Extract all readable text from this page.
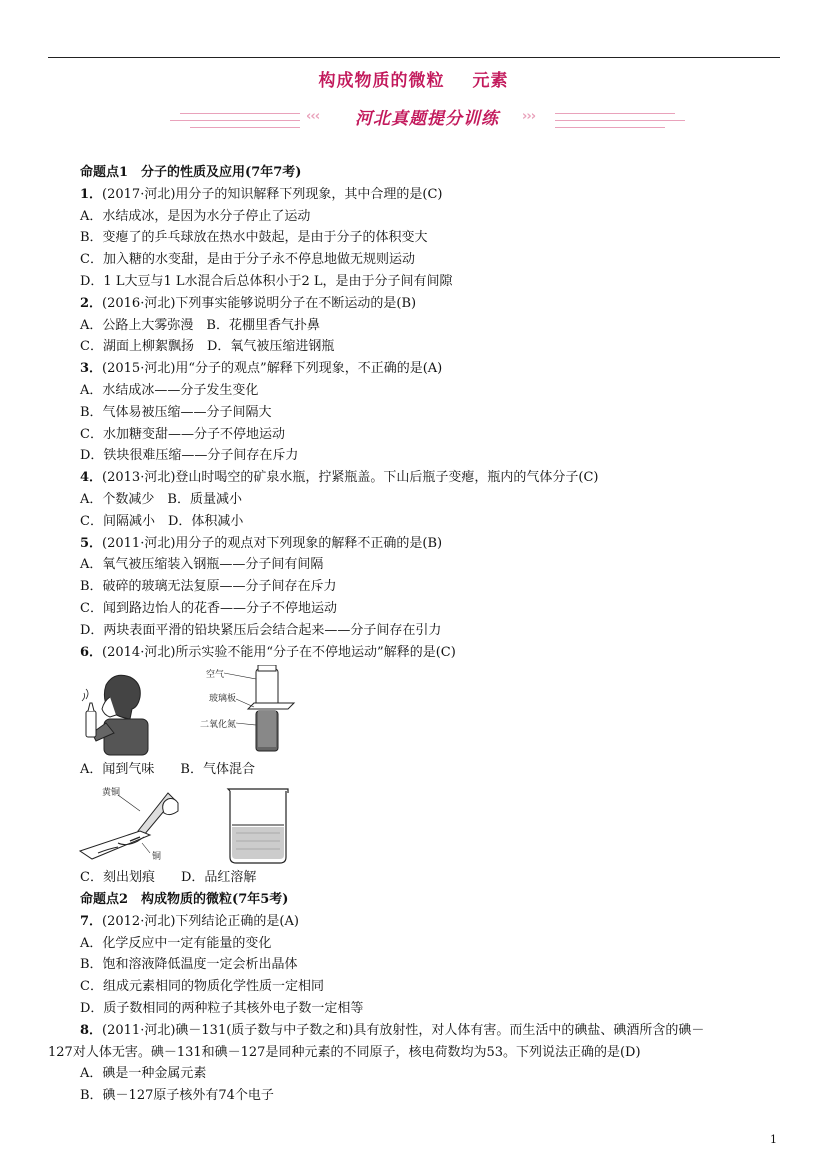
构成物质的微粒 元素
‹‹‹	河北真题提分训练	›››
命题点1　分子的性质及应用(7年7考)
1．(2017·河北)用分子的知识解释下列现象，其中合理的是(C)
A．水结成冰，是因为水分子停止了运动
B．变瘪了的乒乓球放在热水中鼓起，是由于分子的体积变大
C．加入糖的水变甜，是由于分子永不停息地做无规则运动
D．1 L大豆与1 L水混合后总体积小于2 L，是由于分子间有间隙
2．(2016·河北)下列事实能够说明分子在不断运动的是(B)
A．公路上大雾弥漫　B．花棚里香气扑鼻
C．湖面上柳絮飘扬　D．氧气被压缩进钢瓶
3．(2015·河北)用“分子的观点”解释下列现象，不正确的是(A)
A．水结成冰——分子发生变化
B．气体易被压缩——分子间隔大
C．水加糖变甜——分子不停地运动
D．铁块很难压缩——分子间存在斥力
4．(2013·河北)登山时喝空的矿泉水瓶，拧紧瓶盖。下山后瓶子变瘪，瓶内的气体分子(C)
A．个数减少　B．质量减小
C．间隔减小　D．体积减小
5．(2011·河北)用分子的观点对下列现象的解释不正确的是(B)
A．氧气被压缩装入钢瓶——分子间有间隔
B．破碎的玻璃无法复原——分子间存在斥力
C．闻到路边怡人的花香——分子不停地运动
D．两块表面平滑的铅块紧压后会结合起来——分子间存在引力
6．(2014·河北)所示实验不能用“分子在不停地运动”解释的是(C)
空气
玻璃板
二氧化氮
A．闻到气味　　B．气体混合
黄铜
铜
C．刻出划痕　　D．品红溶解
命题点2　构成物质的微粒(7年5考)
7．(2012·河北)下列结论正确的是(A)
A．化学反应中一定有能量的变化
B．饱和溶液降低温度一定会析出晶体
C．组成元素相同的物质化学性质一定相同
D．质子数相同的两种粒子其核外电子数一定相等
8．(2011·河北)碘－131(质子数与中子数之和)具有放射性，对人体有害。而生活中的碘盐、碘酒所含的碘－
127对人体无害。碘－131和碘－127是同种元素的不同原子，核电荷数均为53。下列说法正确的是(D)
A．碘是一种金属元素
B．碘－127原子核外有74个电子
1
